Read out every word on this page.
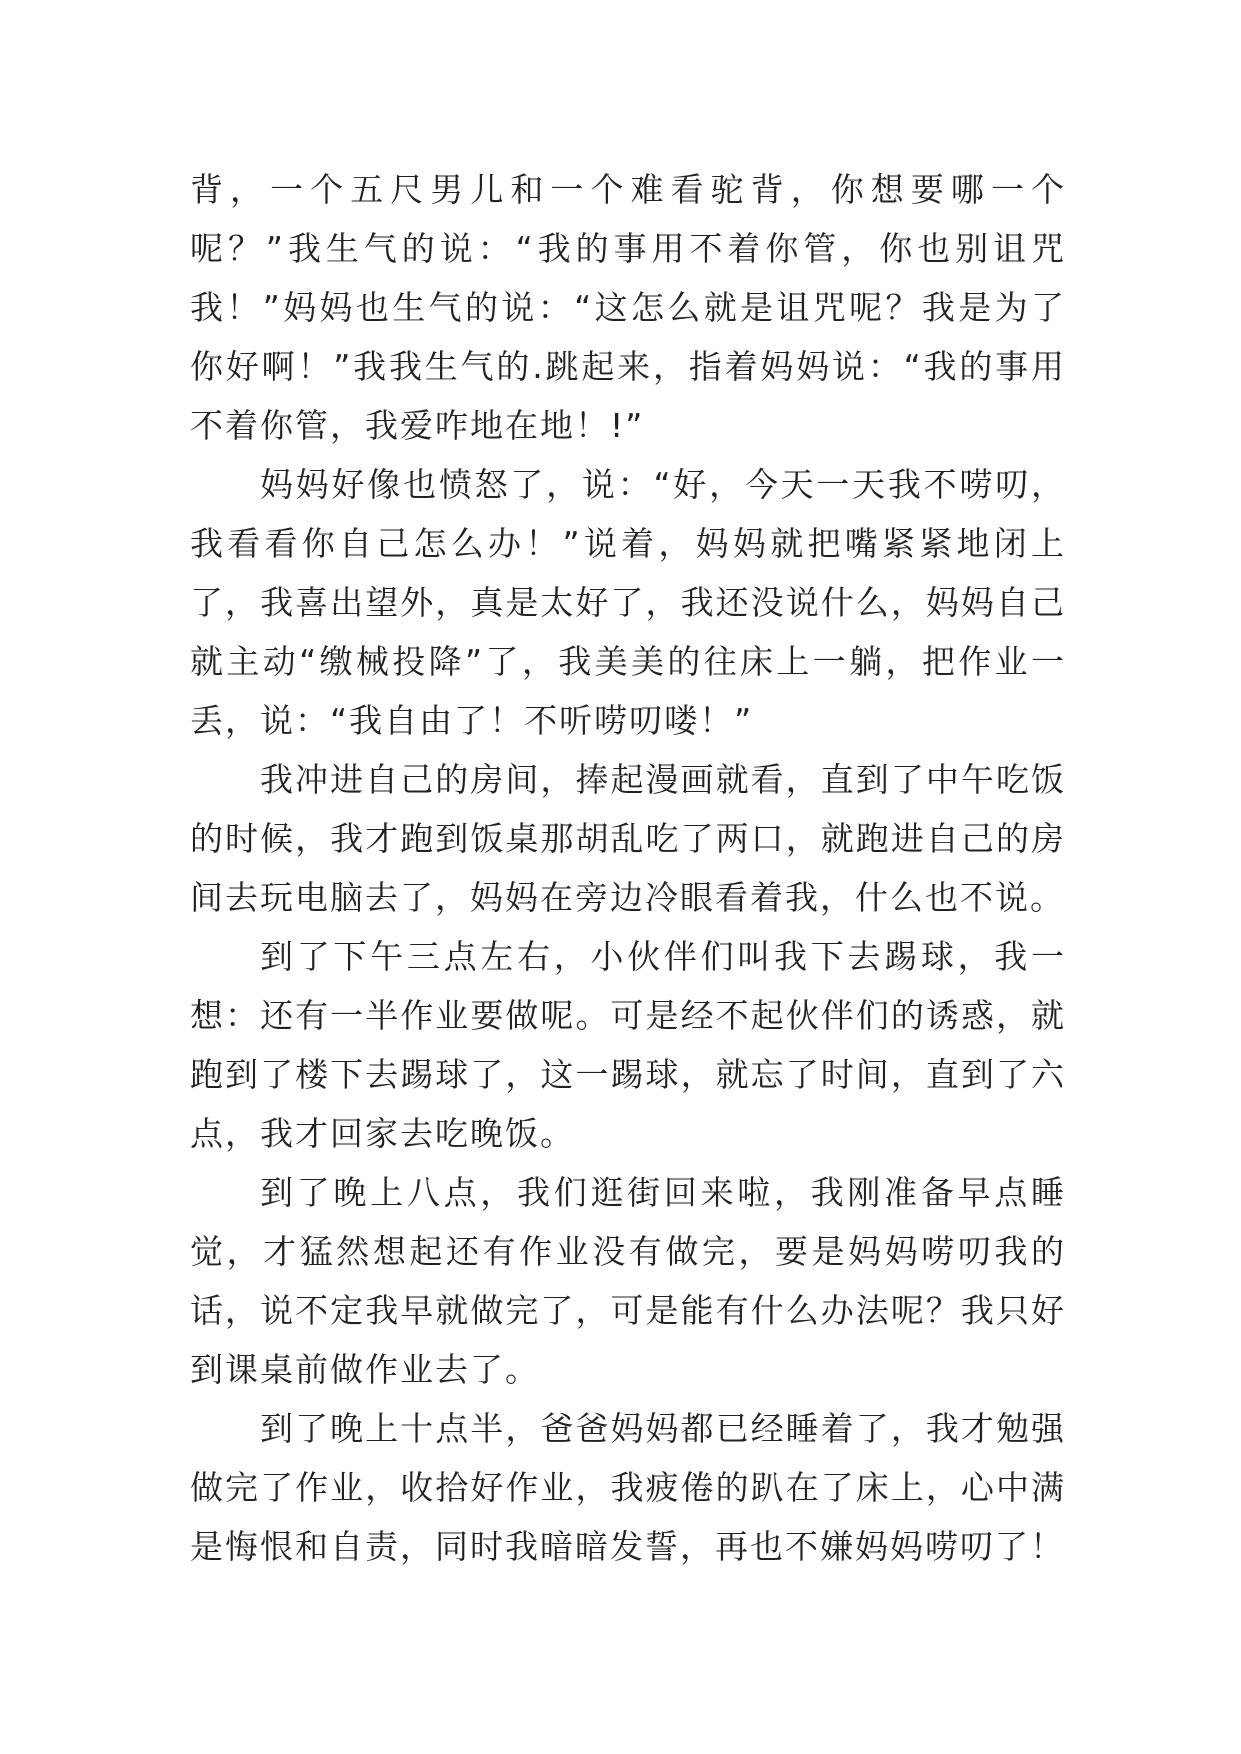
背，一个五尺男儿和一个难看驼背，你想要哪一个呢？”我生气的说：“我的事用不着你管，你也别诅咒我！”妈妈也生气的说：“这怎么就是诅咒呢？我是为了你好啊！”我我生气的.跳起来，指着妈妈说：“我的事用不着你管，我爱咋地在地！!”

妈妈好像也愤怒了，说：“好，今天一天我不唠叨，我看看你自己怎么办！”说着，妈妈就把嘴紧紧地闭上了，我喜出望外，真是太好了，我还没说什么，妈妈自己就主动“缴械投降”了，我美美的往床上一躺，把作业一丢，说：“我自由了！不听唠叨喽！”

我冲进自己的房间，捧起漫画就看，直到了中午吃饭的时候，我才跑到饭桌那胡乱吃了两口，就跑进自己的房间去玩电脑去了，妈妈在旁边冷眼看着我，什么也不说。

到了下午三点左右，小伙伴们叫我下去踢球，我一想：还有一半作业要做呢。可是经不起伙伴们的诱惑，就跑到了楼下去踢球了，这一踢球，就忘了时间，直到了六点，我才回家去吃晚饭。

到了晚上八点，我们逛街回来啦，我刚准备早点睡觉，才猛然想起还有作业没有做完，要是妈妈唠叨我的话，说不定我早就做完了，可是能有什么办法呢？我只好到课桌前做作业去了。

到了晚上十点半，爸爸妈妈都已经睡着了，我才勉强做完了作业，收拾好作业，我疲倦的趴在了床上，心中满是悔恨和自责，同时我暗暗发誓，再也不嫌妈妈唠叨了！
